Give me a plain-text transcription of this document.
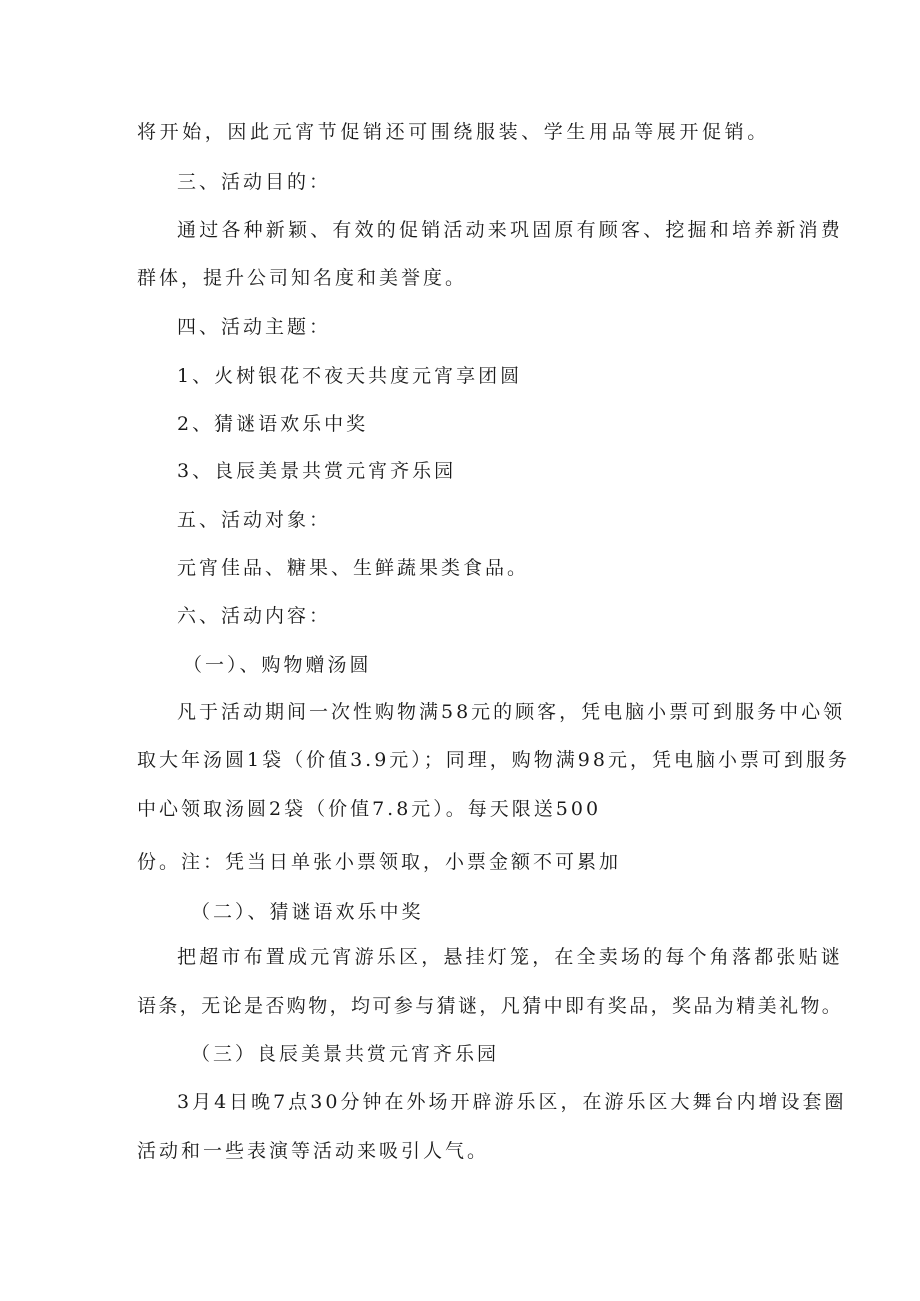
将开始，因此元宵节促销还可围绕服装、学生用品等展开促销。
三、活动目的：
通过各种新颖、有效的促销活动来巩固原有顾客、挖掘和培养新消费
群体，提升公司知名度和美誉度。
四、活动主题：
1、火树银花不夜天共度元宵享团圆
2、猜谜语欢乐中奖
3、良辰美景共赏元宵齐乐园
五、活动对象：
元宵佳品、糖果、生鲜蔬果类食品。
六、活动内容：
（一）、购物赠汤圆
凡于活动期间一次性购物满58元的顾客，凭电脑小票可到服务中心领
取大年汤圆1袋（价值3.9元）；同理，购物满98元，凭电脑小票可到服务
中心领取汤圆2袋（价值7.8元）。每天限送500
份。注：凭当日单张小票领取，小票金额不可累加
（二）、猜谜语欢乐中奖
把超市布置成元宵游乐区，悬挂灯笼，在全卖场的每个角落都张贴谜
语条，无论是否购物，均可参与猜谜，凡猜中即有奖品，奖品为精美礼物。
（三）良辰美景共赏元宵齐乐园
3月4日晚7点30分钟在外场开辟游乐区，在游乐区大舞台内增设套圈
活动和一些表演等活动来吸引人气。
